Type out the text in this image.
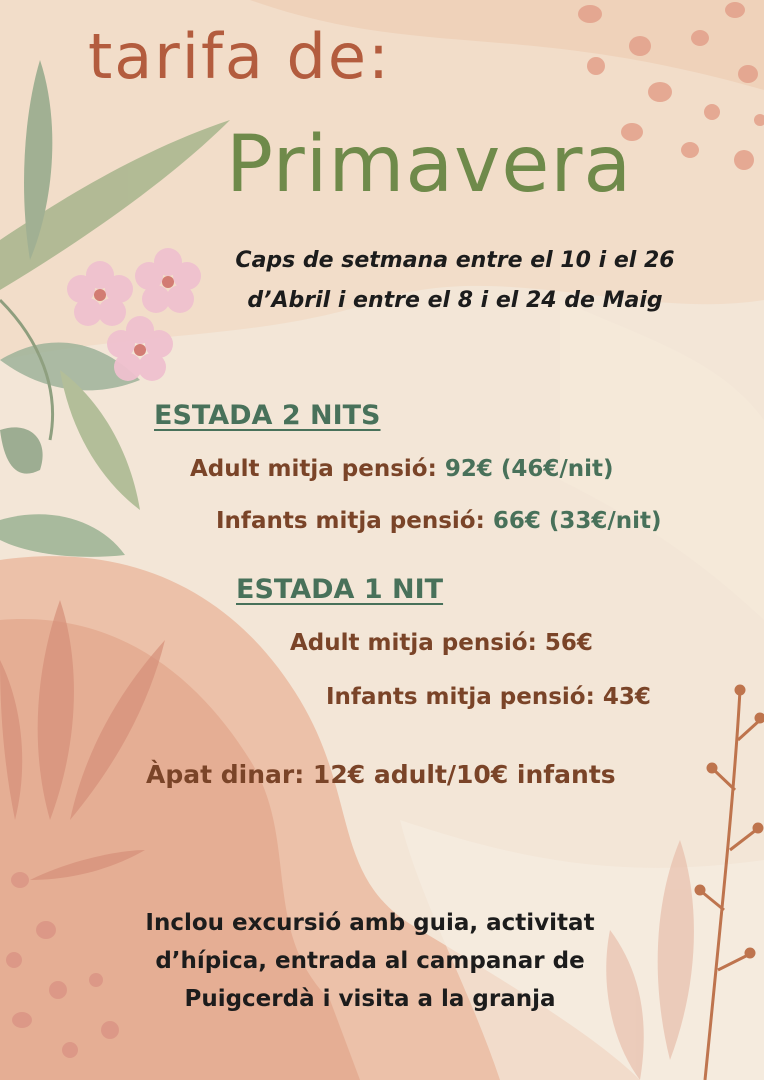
tarifa de:
Primavera
Caps de setmana entre el 10 i el 26
d’Abril i entre el 8 i el 24 de Maig
ESTADA 2 NITS
Adult mitja pensió: 92€ (46€/nit)
Infants mitja pensió: 66€ (33€/nit)
ESTADA 1 NIT
Adult mitja pensió: 56€
Infants mitja pensió: 43€
Àpat dinar: 12€ adult/10€ infants
Inclou excursió amb guia, activitat
d’hípica, entrada al campanar de
Puigcerdà i visita a la granja
